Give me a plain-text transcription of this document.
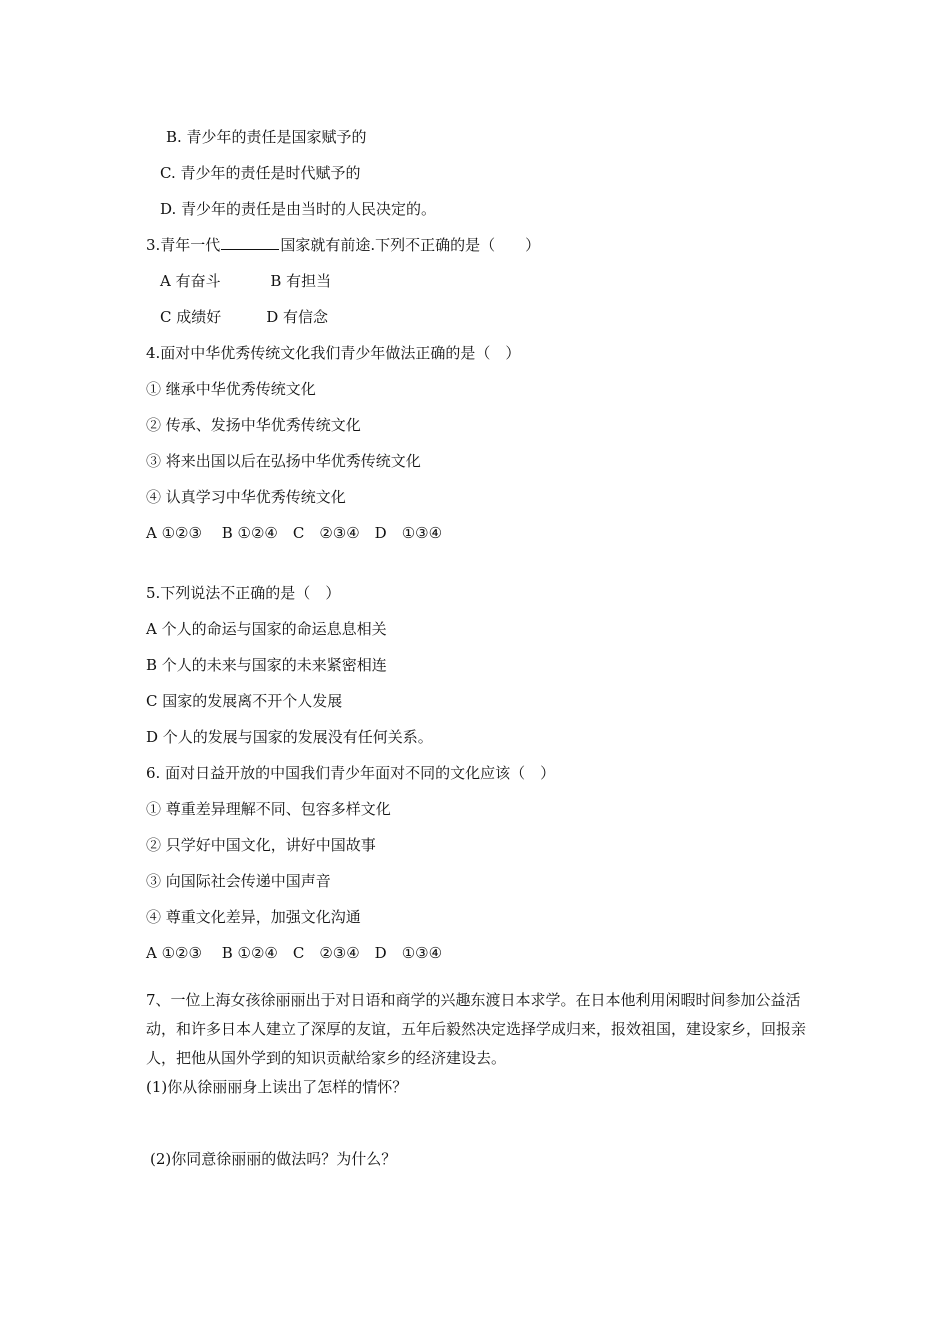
B. 青少年的责任是国家赋予的
C. 青少年的责任是时代赋予的
D. 青少年的责任是由当时的人民决定的。
3.青年一代	国家就有前途.下列不正确的是（　　）
A 有奋斗　　　 B 有担当
C 成绩好　　　D 有信念
4.面对中华优秀传统文化我们青少年做法正确的是（　）
① 继承中华优秀传统文化
② 传承、发扬中华优秀传统文化
③ 将来出国以后在弘扬中华优秀传统文化
④ 认真学习中华优秀传统文化
A ①②③　 B ①②④　C　②③④　D　①③④
5.下列说法不正确的是（　）
A 个人的命运与国家的命运息息相关
B 个人的未来与国家的未来紧密相连
C 国家的发展离不开个人发展
D 个人的发展与国家的发展没有任何关系。
6. 面对日益开放的中国我们青少年面对不同的文化应该（　）
① 尊重差异理解不同、包容多样文化
② 只学好中国文化，讲好中国故事
③ 向国际社会传递中国声音
④ 尊重文化差异，加强文化沟通
A ①②③　 B ①②④　C　②③④　D　①③④
7、一位上海女孩徐丽丽出于对日语和商学的兴趣东渡日本求学。在日本他利用闲暇时间参加公益活动，和许多日本人建立了深厚的友谊，五年后毅然决定选择学成归来，报效祖国，建设家乡，回报亲人，把他从国外学到的知识贡献给家乡的经济建设去。
(1)你从徐丽丽身上读出了怎样的情怀？
(2)你同意徐丽丽的做法吗？为什么？
